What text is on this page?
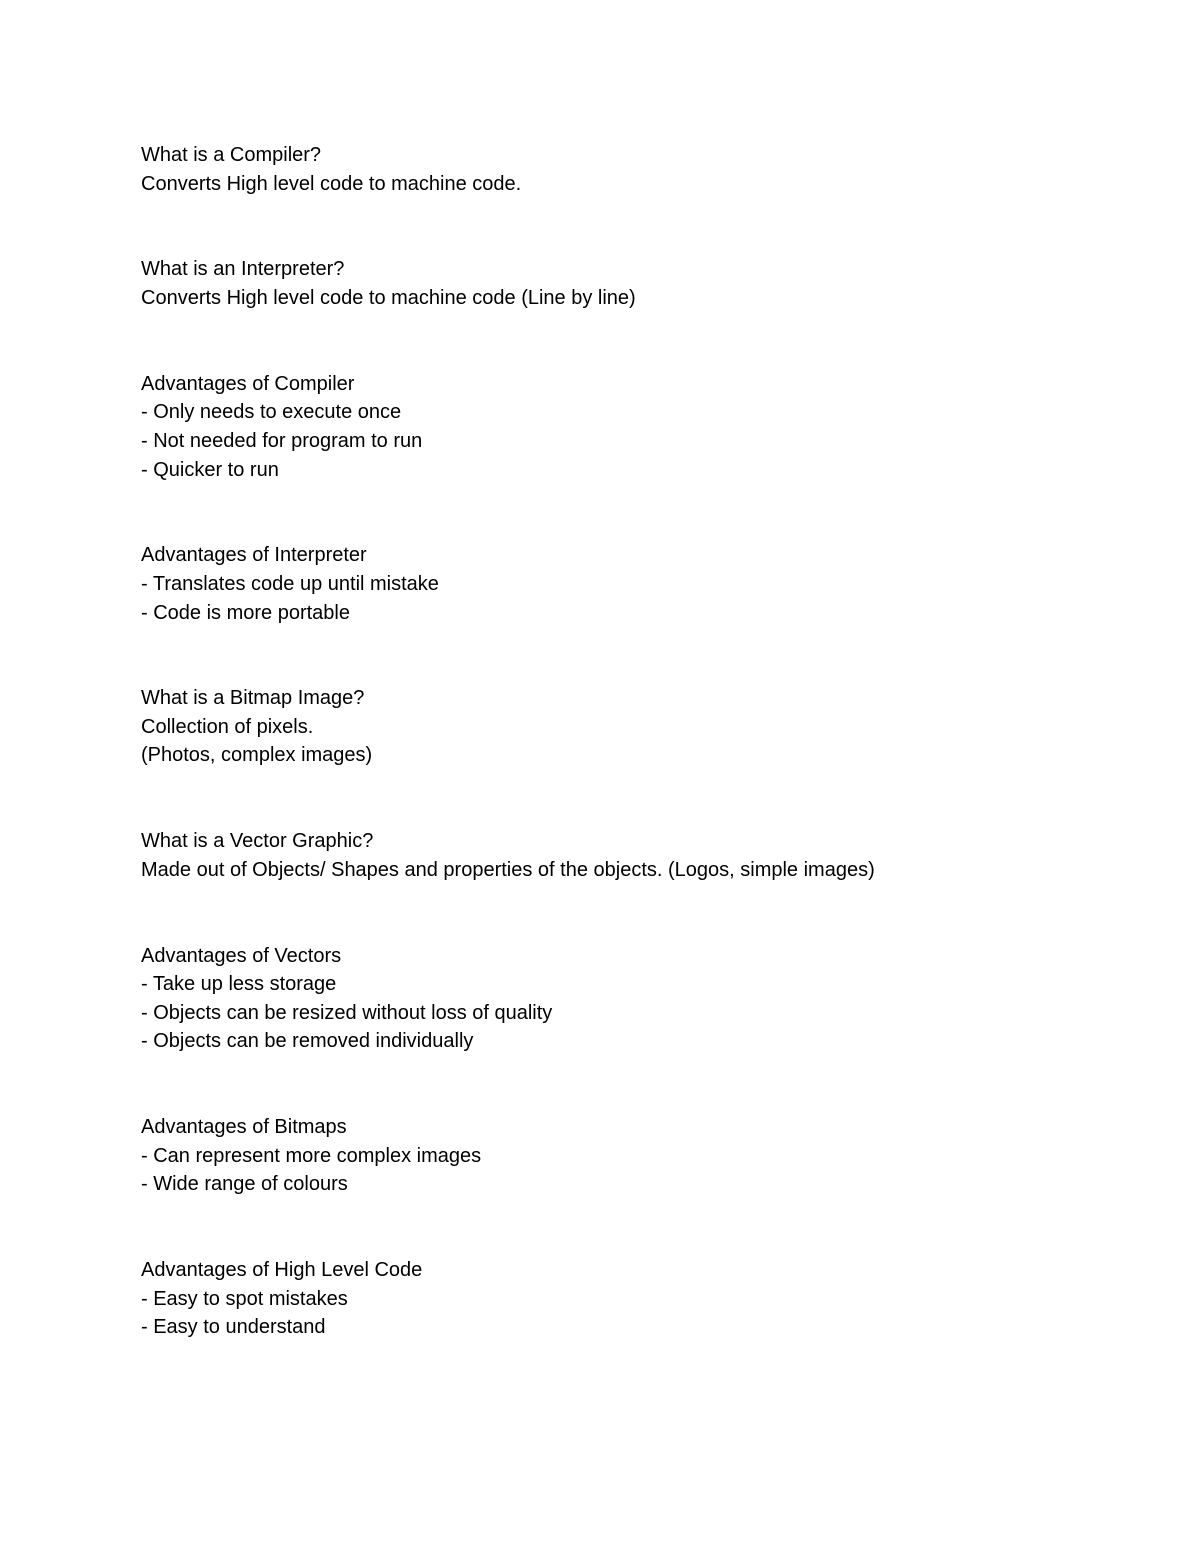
What is a Compiler?

Converts High level code to machine code.

What is an Interpreter?

Converts High level code to machine code (Line by line)

Advantages of Compiler

- Only needs to execute once

- Not needed for program to run

- Quicker to run

Advantages of Interpreter

- Translates code up until mistake

- Code is more portable

What is a Bitmap Image?

Collection of pixels.

(Photos, complex images)

What is a Vector Graphic?

Made out of Objects/ Shapes and properties of the objects. (Logos, simple images)

Advantages of Vectors

- Take up less storage

- Objects can be resized without loss of quality

- Objects can be removed individually

Advantages of Bitmaps

- Can represent more complex images

- Wide range of colours

Advantages of High Level Code

- Easy to spot mistakes

- Easy to understand
